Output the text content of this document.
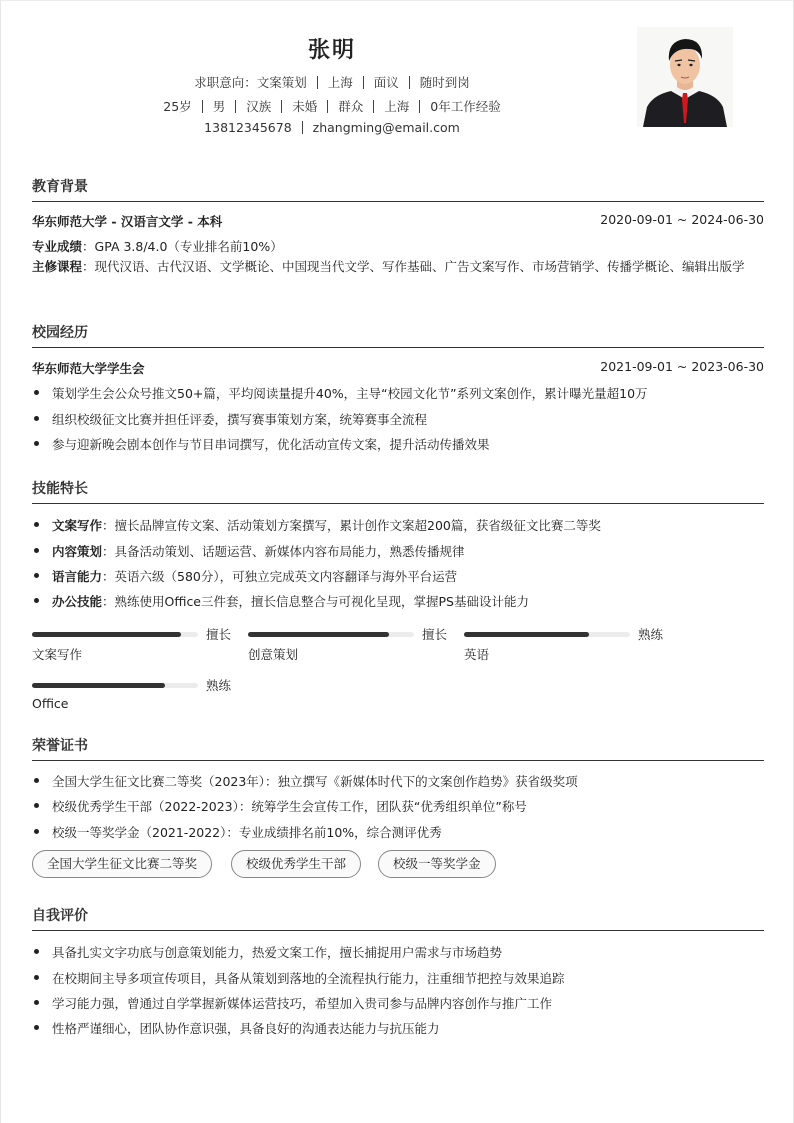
张明
求职意向：文案策划 上海 面议 随时到岗
25岁 男 汉族 未婚 群众 上海 0年工作经验
13812345678 zhangming@email.com
教育背景
华东师范大学 - 汉语言文学 - 本科	2020-09-01 ~ 2024-06-30
专业成绩：GPA 3.8/4.0（专业排名前10%）
主修课程：现代汉语、古代汉语、文学概论、中国现当代文学、写作基础、广告文案写作、市场营销学、传播学概论、编辑出版学
校园经历
华东师范大学学生会	2021-09-01 ~ 2023-06-30
策划学生会公众号推文50+篇，平均阅读量提升40%，主导“校园文化节”系列文案创作，累计曝光量超10万
组织校级征文比赛并担任评委，撰写赛事策划方案，统筹赛事全流程
参与迎新晚会剧本创作与节目串词撰写，优化活动宣传文案，提升活动传播效果
技能特长
文案写作：擅长品牌宣传文案、活动策划方案撰写，累计创作文案超200篇，获省级征文比赛二等奖
内容策划：具备活动策划、话题运营、新媒体内容布局能力，熟悉传播规律
语言能力：英语六级（580分），可独立完成英文内容翻译与海外平台运营
办公技能：熟练使用Office三件套，擅长信息整合与可视化呈现，掌握PS基础设计能力
擅长
文案写作
擅长
创意策划
熟练
英语
熟练
Office
荣誉证书
全国大学生征文比赛二等奖（2023年）：独立撰写《新媒体时代下的文案创作趋势》获省级奖项
校级优秀学生干部（2022-2023）：统筹学生会宣传工作，团队获“优秀组织单位”称号
校级一等奖学金（2021-2022）：专业成绩排名前10%，综合测评优秀
全国大学生征文比赛二等奖	校级优秀学生干部	校级一等奖学金
自我评价
具备扎实文字功底与创意策划能力，热爱文案工作，擅长捕捉用户需求与市场趋势
在校期间主导多项宣传项目，具备从策划到落地的全流程执行能力，注重细节把控与效果追踪
学习能力强，曾通过自学掌握新媒体运营技巧，希望加入贵司参与品牌内容创作与推广工作
性格严谨细心，团队协作意识强，具备良好的沟通表达能力与抗压能力
